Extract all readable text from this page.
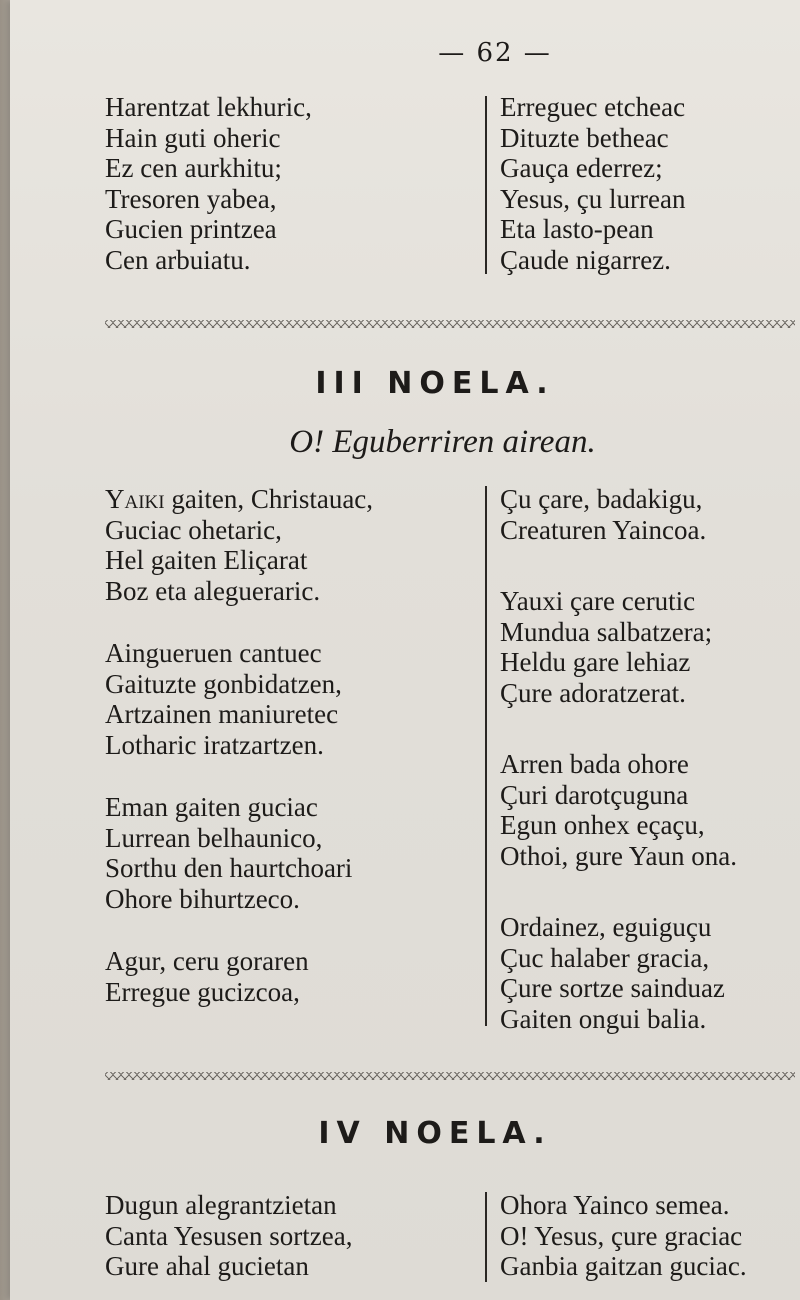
— 62 —
Harentzat lekhuric,
Hain guti oheric
Ez cen aurkhitu;
Tresoren yabea,
Gucien printzea
Cen arbuiatu.
Erreguec etcheac
Dituzte betheac
Gauça ederrez;
Yesus, çu lurrean
Eta lasto-pean
Çaude nigarrez.
III NOELA.
O! Eguberriren airean.
Yaiki gaiten, Christauac,
Guciac ohetaric,
Hel gaiten Eliçarat
Boz eta alegueraric.
Aingueruen cantuec
Gaituzte gonbidatzen,
Artzainen maniuretec
Lotharic iratzartzen.
Eman gaiten guciac
Lurrean belhaunico,
Sorthu den haurtchoari
Ohore bihurtzeco.
Agur, ceru goraren
Erregue gucizcoa,
Çu çare, badakigu,
Creaturen Yaincoa.
Yauxi çare cerutic
Mundua salbatzera;
Heldu gare lehiaz
Çure adoratzerat.
Arren bada ohore
Çuri darotçuguna
Egun onhex eçaçu,
Othoi, gure Yaun ona.
Ordainez, eguiguçu
Çuc halaber gracia,
Çure sortze sainduaz
Gaiten ongui balia.
IV NOELA.
Dugun alegrantzietan
Canta Yesusen sortzea,
Gure ahal gucietan
Ohora Yainco semea.
O! Yesus, çure graciac
Ganbia gaitzan guciac.
